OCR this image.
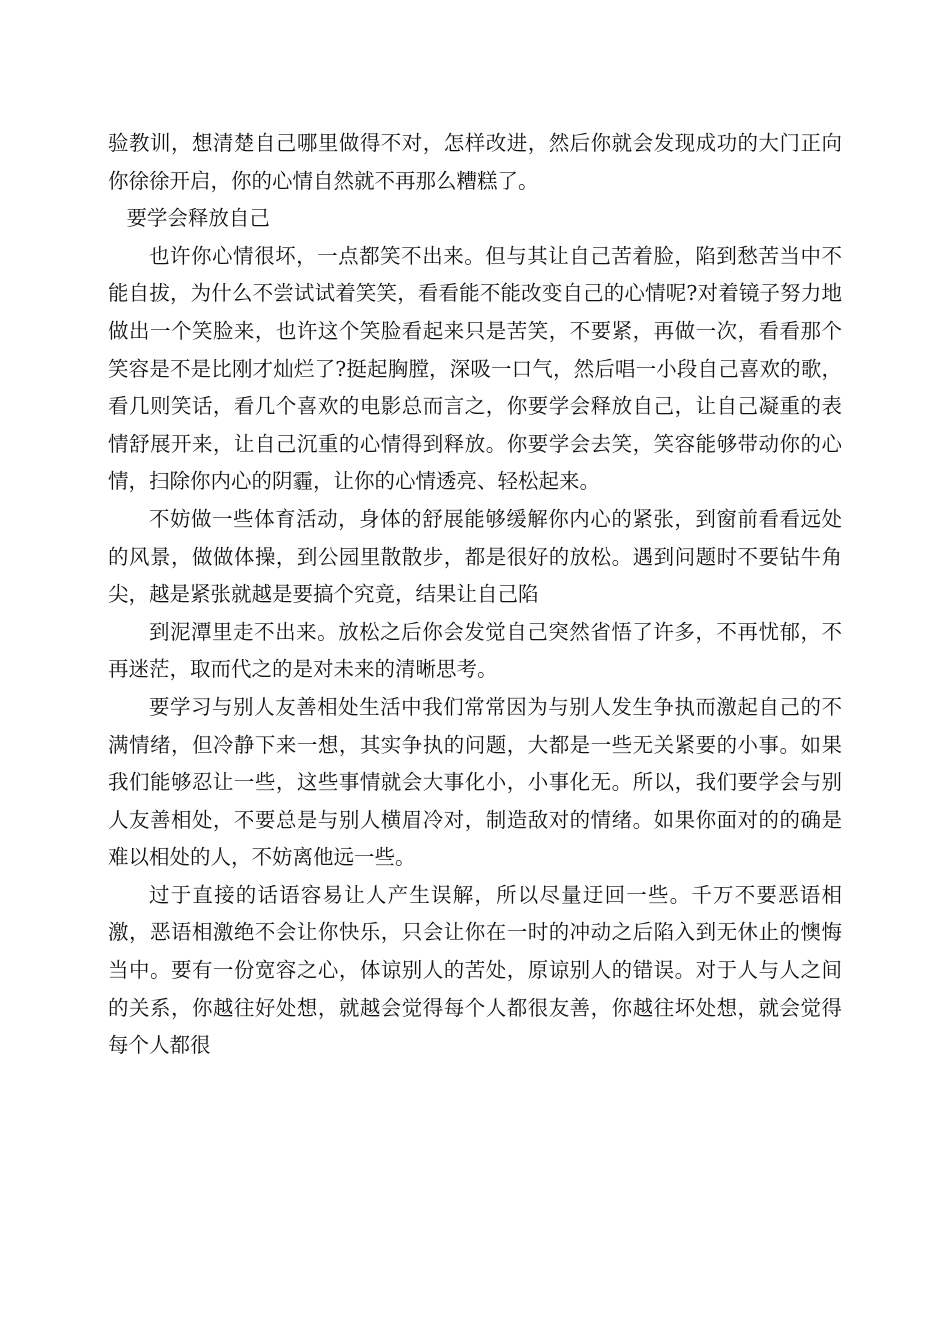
验教训，想清楚自己哪里做得不对，怎样改进，然后你就会发现成功的大门正向你徐徐开启，你的心情自然就不再那么糟糕了。

要学会释放自己

也许你心情很坏，一点都笑不出来。但与其让自己苦着脸，陷到愁苦当中不能自拔，为什么不尝试试着笑笑，看看能不能改变自己的心情呢?对着镜子努力地做出一个笑脸来，也许这个笑脸看起来只是苦笑，不要紧，再做一次，看看那个笑容是不是比刚才灿烂了?挺起胸膛，深吸一口气，然后唱一小段自己喜欢的歌，看几则笑话，看几个喜欢的电影总而言之，你要学会释放自己，让自己凝重的表情舒展开来，让自己沉重的心情得到释放。你要学会去笑，笑容能够带动你的心情，扫除你内心的阴霾，让你的心情透亮、轻松起来。

不妨做一些体育活动，身体的舒展能够缓解你内心的紧张，到窗前看看远处的风景，做做体操，到公园里散散步，都是很好的放松。遇到问题时不要钻牛角尖，越是紧张就越是要搞个究竟，结果让自己陷

到泥潭里走不出来。放松之后你会发觉自己突然省悟了许多，不再忧郁，不再迷茫，取而代之的是对未来的清晰思考。

要学习与别人友善相处生活中我们常常因为与别人发生争执而激起自己的不满情绪，但冷静下来一想，其实争执的问题，大都是一些无关紧要的小事。如果我们能够忍让一些，这些事情就会大事化小，小事化无。所以，我们要学会与别人友善相处，不要总是与别人横眉冷对，制造敌对的情绪。如果你面对的的确是难以相处的人，不妨离他远一些。

过于直接的话语容易让人产生误解，所以尽量迂回一些。千万不要恶语相激，恶语相激绝不会让你快乐，只会让你在一时的冲动之后陷入到无休止的懊悔当中。要有一份宽容之心，体谅别人的苦处，原谅别人的错误。对于人与人之间的关系，你越往好处想，就越会觉得每个人都很友善，你越往坏处想，就会觉得每个人都很
